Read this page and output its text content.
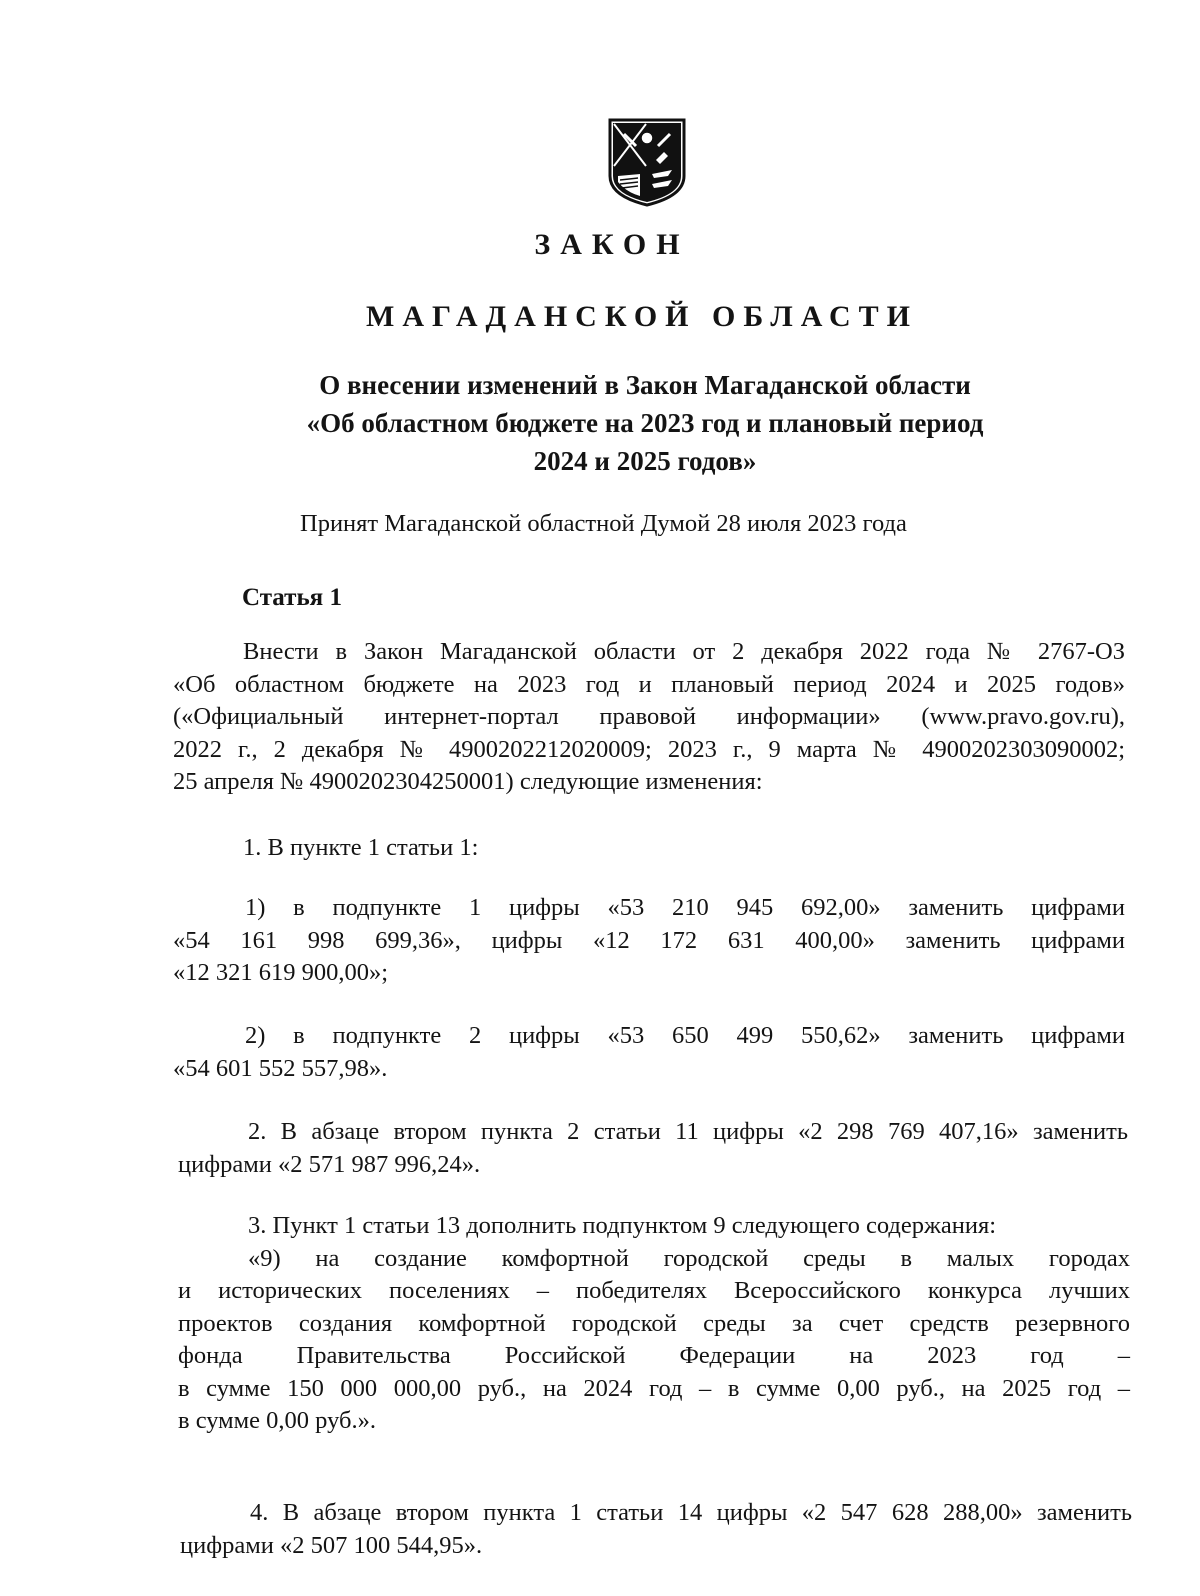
ЗАКОН
МАГАДАНСКОЙ ОБЛАСТИ
О внесении изменений в Закон Магаданской области
«Об областном бюджете на 2023 год и плановый период
2024 и 2025 годов»
Принят Магаданской областной Думой 28 июля 2023 года
Статья 1
Внести в Закон Магаданской области от 2 декабря 2022 года № 2767-ОЗ
«Об областном бюджете на 2023 год и плановый период 2024 и 2025 годов»
(«Официальный интернет-портал правовой информации» (www.pravo.gov.ru),
2022 г., 2 декабря № 4900202212020009; 2023 г., 9 марта № 4900202303090002;
25 апреля № 4900202304250001) следующие изменения:
1. В пункте 1 статьи 1:
1) в подпункте 1 цифры «53 210 945 692,00» заменить цифрами
«54 161 998 699,36», цифры «12 172 631 400,00» заменить цифрами
«12 321 619 900,00»;
2) в подпункте 2 цифры «53 650 499 550,62» заменить цифрами
«54 601 552 557,98».
2. В абзаце втором пункта 2 статьи 11 цифры «2 298 769 407,16» заменить
цифрами «2 571 987 996,24».
3. Пункт 1 статьи 13 дополнить подпунктом 9 следующего содержания:
«9) на создание комфортной городской среды в малых городах
и исторических поселениях – победителях Всероссийского конкурса лучших
проектов создания комфортной городской среды за счет средств резервного
фонда Правительства Российской Федерации на 2023 год –
в сумме 150 000 000,00 руб., на 2024 год – в сумме 0,00 руб., на 2025 год –
в сумме 0,00 руб.».
4. В абзаце втором пункта 1 статьи 14 цифры «2 547 628 288,00» заменить
цифрами «2 507 100 544,95».
